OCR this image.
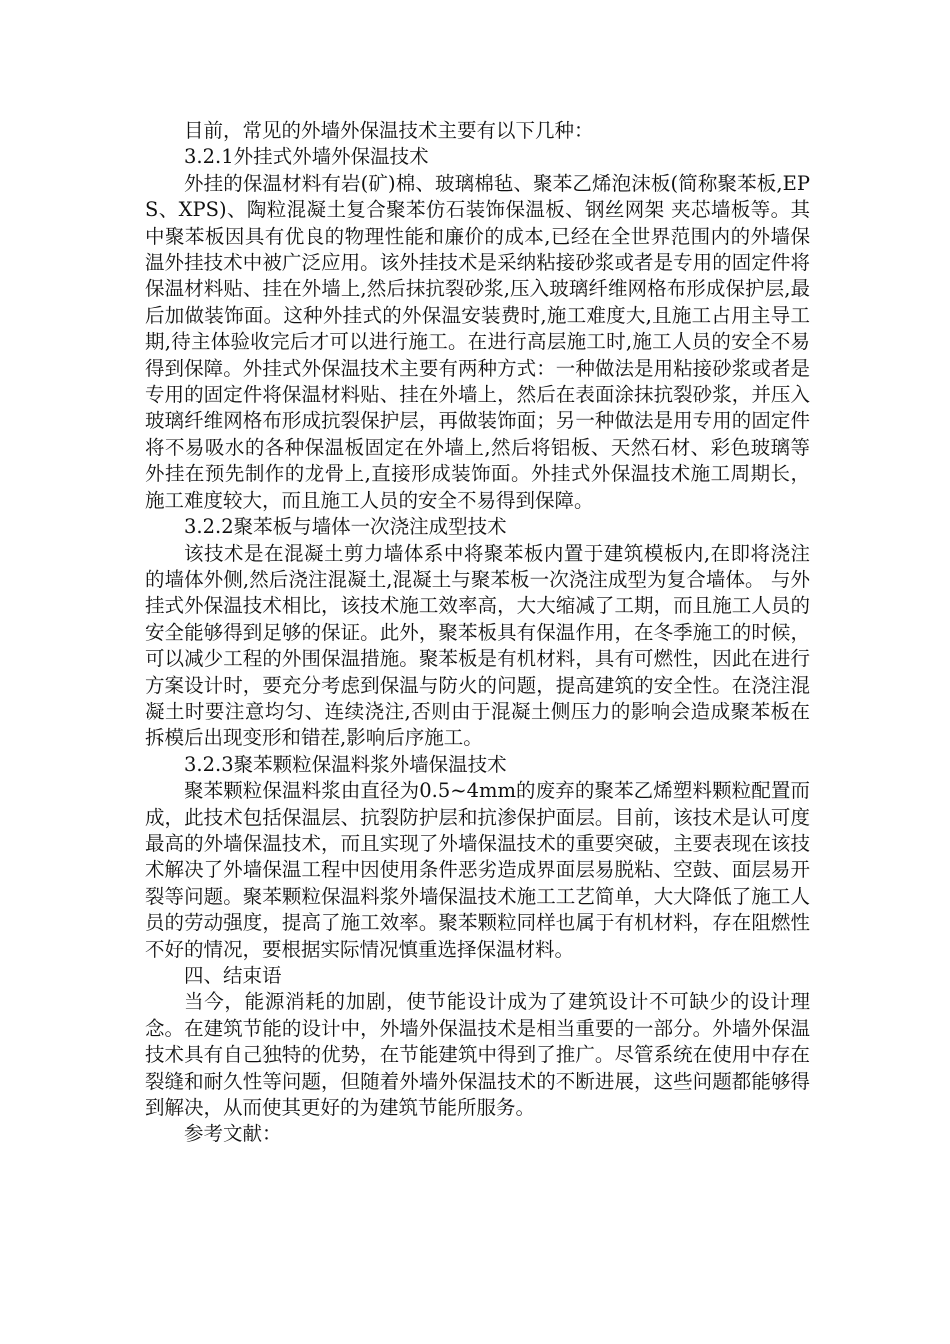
目前，常见的外墙外保温技术主要有以下几种：

3.2.1外挂式外墙外保温技术

外挂的保温材料有岩(矿)棉、玻璃棉毡、聚苯乙烯泡沫板(简称聚苯板,EPS、XPS)、陶粒混凝土复合聚苯仿石装饰保温板、钢丝网架 夹芯墙板等。其中聚苯板因具有优良的物理性能和廉价的成本,已经在全世界范围内的外墙保温外挂技术中被广泛应用。该外挂技术是采纳粘接砂浆或者是专用的固定件将保温材料贴、挂在外墙上,然后抹抗裂砂浆,压入玻璃纤维网格布形成保护层,最后加做装饰面。这种外挂式的外保温安装费时,施工难度大,且施工占用主导工期,待主体验收完后才可以进行施工。在进行高层施工时,施工人员的安全不易得到保障。外挂式外保温技术主要有两种方式：一种做法是用粘接砂浆或者是专用的固定件将保温材料贴、挂在外墙上，然后在表面涂抹抗裂砂浆，并压入玻璃纤维网格布形成抗裂保护层，再做装饰面；另一种做法是用专用的固定件将不易吸水的各种保温板固定在外墙上,然后将铝板、天然石材、彩色玻璃等外挂在预先制作的龙骨上,直接形成装饰面。外挂式外保温技术施工周期长，施工难度较大，而且施工人员的安全不易得到保障。

3.2.2聚苯板与墙体一次浇注成型技术

该技术是在混凝土剪力墙体系中将聚苯板内置于建筑模板内,在即将浇注的墙体外侧,然后浇注混凝土,混凝土与聚苯板一次浇注成型为复合墙体。 与外挂式外保温技术相比，该技术施工效率高，大大缩减了工期，而且施工人员的安全能够得到足够的保证。此外，聚苯板具有保温作用，在冬季施工的时候，可以减少工程的外围保温措施。聚苯板是有机材料，具有可燃性，因此在进行方案设计时，要充分考虑到保温与防火的问题，提高建筑的安全性。在浇注混凝土时要注意均匀、连续浇注,否则由于混凝土侧压力的影响会造成聚苯板在拆模后出现变形和错茬,影响后序施工。

3.2.3聚苯颗粒保温料浆外墙保温技术

聚苯颗粒保温料浆由直径为0.5~4mm的废弃的聚苯乙烯塑料颗粒配置而成，此技术包括保温层、抗裂防护层和抗渗保护面层。目前，该技术是认可度最高的外墙保温技术，而且实现了外墙保温技术的重要突破，主要表现在该技术解决了外墙保温工程中因使用条件恶劣造成界面层易脱粘、空鼓、面层易开裂等问题。聚苯颗粒保温料浆外墙保温技术施工工艺简单，大大降低了施工人员的劳动强度，提高了施工效率。聚苯颗粒同样也属于有机材料，存在阻燃性不好的情况，要根据实际情况慎重选择保温材料。

四、结束语

当今，能源消耗的加剧，使节能设计成为了建筑设计不可缺少的设计理念。在建筑节能的设计中，外墙外保温技术是相当重要的一部分。外墙外保温技术具有自己独特的优势，在节能建筑中得到了推广。尽管系统在使用中存在裂缝和耐久性等问题，但随着外墙外保温技术的不断进展，这些问题都能够得到解决，从而使其更好的为建筑节能所服务。

参考文献：
